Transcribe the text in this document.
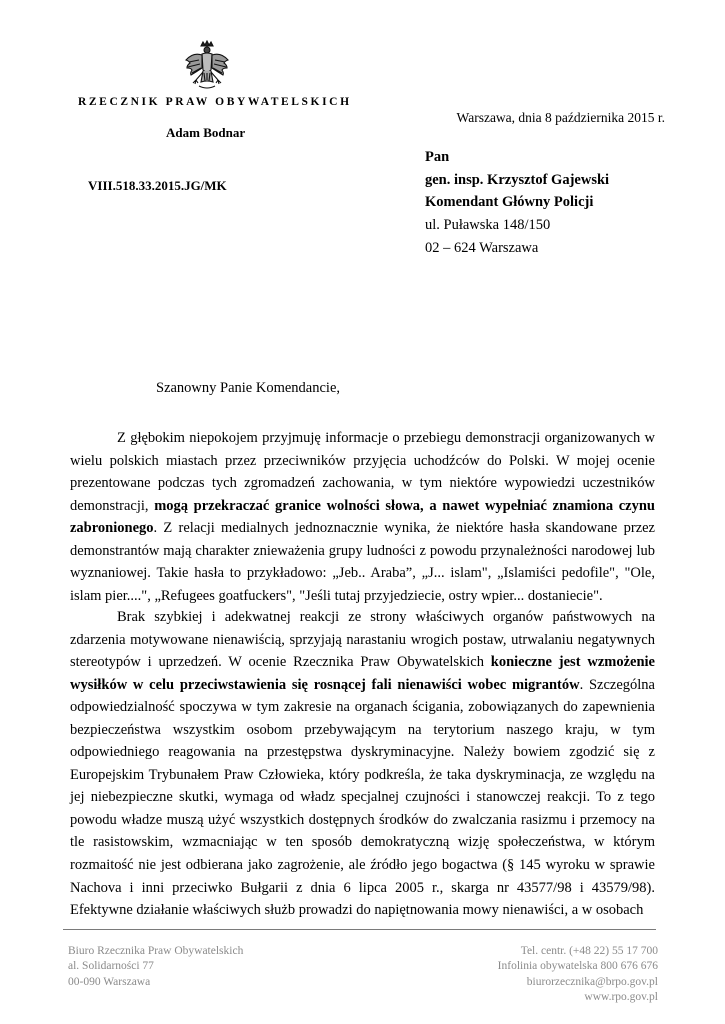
RZECZNIK PRAW OBYWATELSKICH
Adam Bodnar
VIII.518.33.2015.JG/MK
Warszawa, dnia 8 października 2015 r.
Pan
gen. insp. Krzysztof Gajewski
Komendant Główny Policji
ul. Puławska 148/150
02 – 624 Warszawa
Szanowny Panie Komendancie,

Z głębokim niepokojem przyjmuję informacje o przebiegu demonstracji organizowanych w wielu polskich miastach przez przeciwników przyjęcia uchodźców do Polski. W mojej ocenie prezentowane podczas tych zgromadzeń zachowania, w tym niektóre wypowiedzi uczestników demonstracji, mogą przekraczać granice wolności słowa, a nawet wypełniać znamiona czynu zabronionego. Z relacji medialnych jednoznacznie wynika, że niektóre hasła skandowane przez demonstrantów mają charakter znieważenia grupy ludności z powodu przynależności narodowej lub wyznaniowej. Takie hasła to przykładowo: „Jeb.. Araba”, „J... islam", „Islamiści pedofile", "Ole, islam pier....", „Refugees goatfuckers", "Jeśli tutaj przyjedziecie, ostry wpier... dostaniecie".

Brak szybkiej i adekwatnej reakcji ze strony właściwych organów państwowych na zdarzenia motywowane nienawiścią, sprzyjają narastaniu wrogich postaw, utrwalaniu negatywnych stereotypów i uprzedzeń. W ocenie Rzecznika Praw Obywatelskich konieczne jest wzmożenie wysiłków w celu przeciwstawienia się rosnącej fali nienawiści wobec migrantów. Szczególna odpowiedzialność spoczywa w tym zakresie na organach ścigania, zobowiązanych do zapewnienia bezpieczeństwa wszystkim osobom przebywającym na terytorium naszego kraju, w tym odpowiedniego reagowania na przestępstwa dyskryminacyjne. Należy bowiem zgodzić się z Europejskim Trybunałem Praw Człowieka, który podkreśla, że taka dyskryminacja, ze względu na jej niebezpieczne skutki, wymaga od władz specjalnej czujności i stanowczej reakcji. To z tego powodu władze muszą użyć wszystkich dostępnych środków do zwalczania rasizmu i przemocy na tle rasistowskim, wzmacniając w ten sposób demokratyczną wizję społeczeństwa, w którym rozmaitość nie jest odbierana jako zagrożenie, ale źródło jego bogactwa (§ 145 wyroku w sprawie Nachova i inni przeciwko Bułgarii z dnia 6 lipca 2005 r., skarga nr 43577/98 i 43579/98). Efektywne działanie właściwych służb prowadzi do napiętnowania mowy nienawiści, a w osobach

Biuro Rzecznika Praw Obywatelskich
al. Solidarności 77
00-090 Warszawa
Tel. centr. (+48 22) 55 17 700
Infolinia obywatelska 800 676 676
biurorzecznika@brpo.gov.pl
www.rpo.gov.pl
